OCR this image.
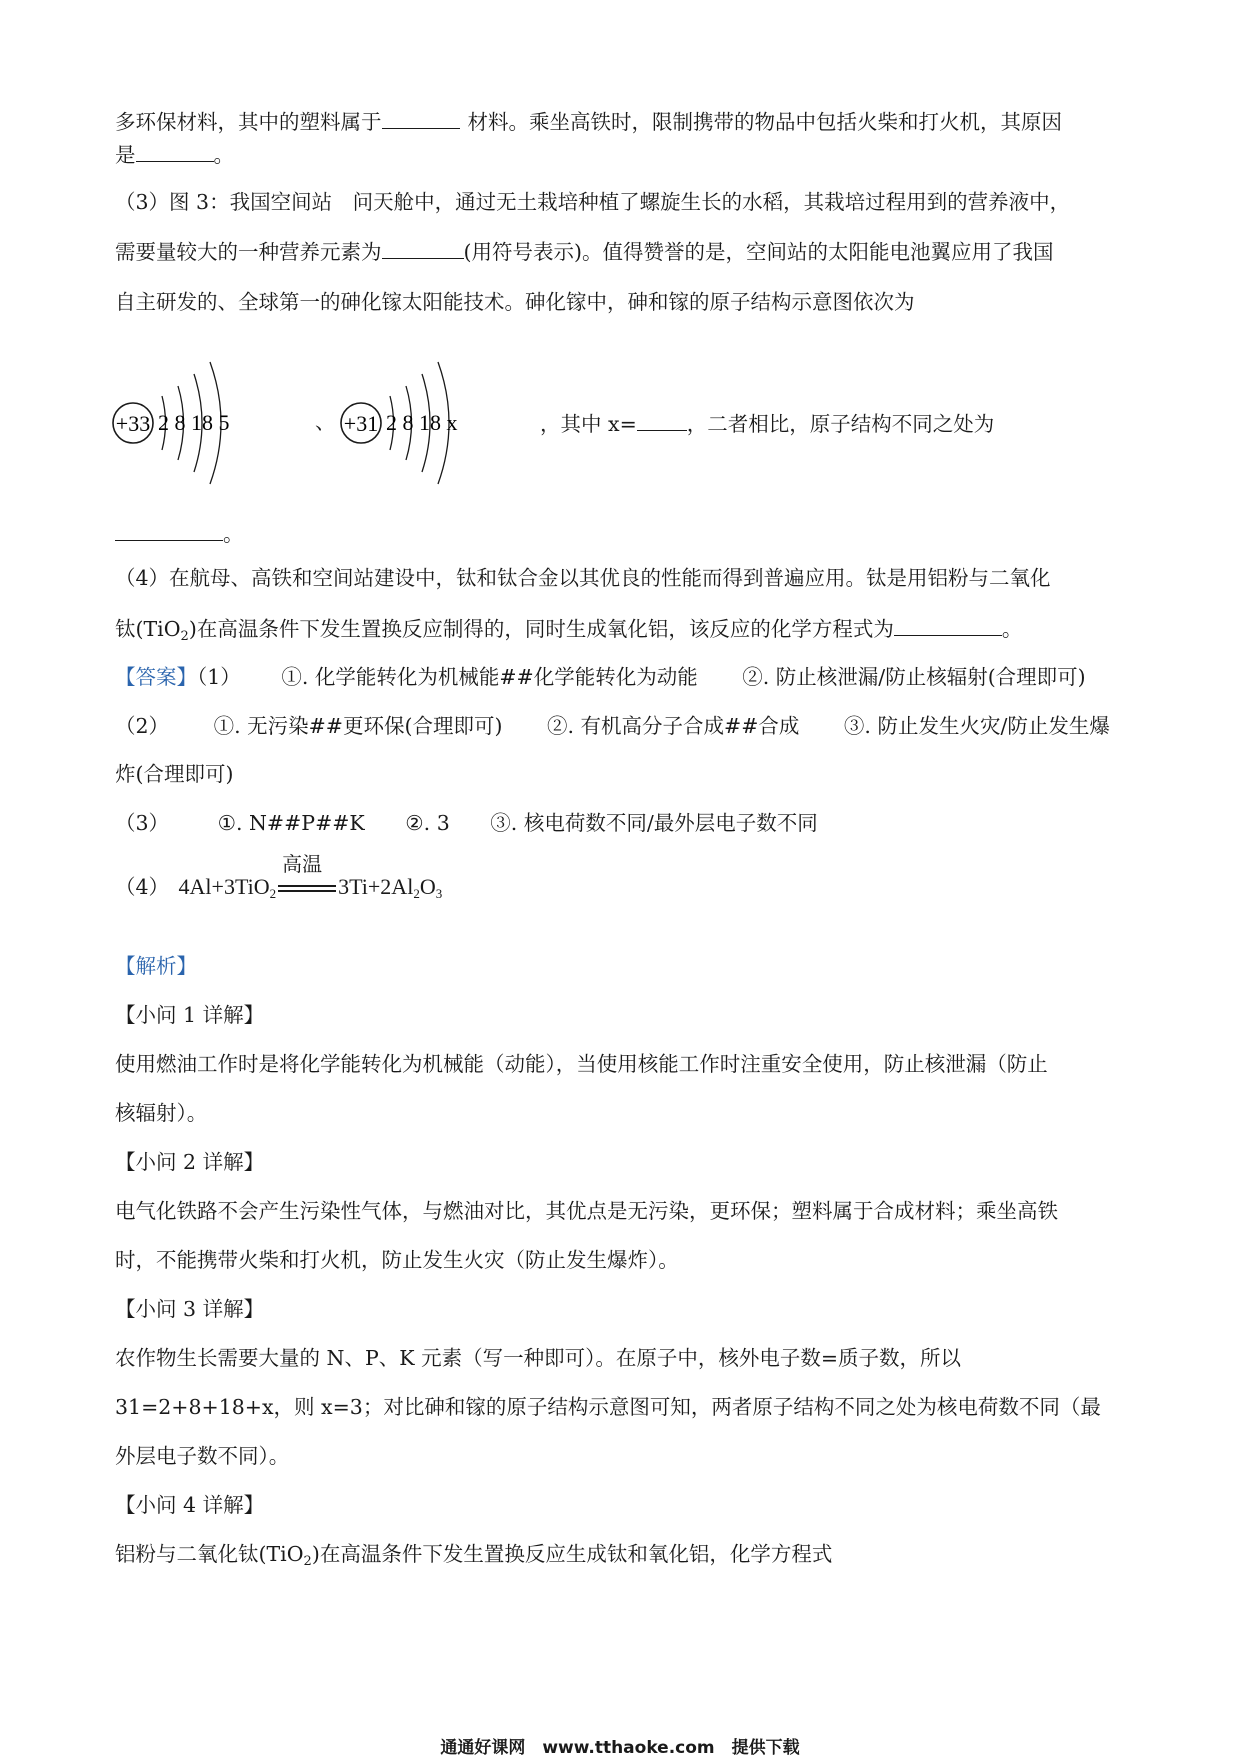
多环保材料，其中的塑料属于	材料。乘坐高铁时，限制携带的物品中包括火柴和打火机，其原因
是	。
（3）图 3：我国空间站　问天舱中，通过无土栽培种植了螺旋生长的水稻，其栽培过程用到的营养液中，
需要量较大的一种营养元素为	(用符号表示)。值得赞誉的是，空间站的太阳能电池翼应用了我国
自主研发的、全球第一的砷化镓太阳能技术。砷化镓中，砷和镓的原子结构示意图依次为
+33 2 8 18 5	、 +31 2 8 18 x	，其中 x= ，二者相比，原子结构不同之处为
。
（4）在航母、高铁和空间站建设中，钛和钛合金以其优良的性能而得到普遍应用。钛是用铝粉与二氧化
钛(TiO$_2$)在高温条件下发生置换反应制得的，同时生成氧化铝，该反应的化学方程式为	。
【答案】（1） ①. 化学能转化为机械能##化学能转化为动能 ②. 防止核泄漏/防止核辐射(合理即可)
（2） ①. 无污染##更环保(合理即可) ②. 有机高分子合成##合成 ③. 防止发生火灾/防止发生爆
炸(合理即可)
（3） ①. N##P##K ②. 3 ③. 核电荷数不同/最外层电子数不同
（4） 4Al+3TiO$_2$
高温
$3Ti+2Al_2O_3$
【解析】
【小问 1 详解】
使用燃油工作时是将化学能转化为机械能（动能），当使用核能工作时注重安全使用，防止核泄漏（防止
核辐射）。
【小问 2 详解】
电气化铁路不会产生污染性气体，与燃油对比，其优点是无污染，更环保；塑料属于合成材料；乘坐高铁
时，不能携带火柴和打火机，防止发生火灾（防止发生爆炸）。
【小问 3 详解】
农作物生长需要大量的 N、P、K 元素（写一种即可）。在原子中，核外电子数=质子数，所以
31=2+8+18+x，则 x=3；对比砷和镓的原子结构示意图可知，两者原子结构不同之处为核电荷数不同（最
外层电子数不同）。
【小问 4 详解】
铝粉与二氧化钛(TiO$_2$)在高温条件下发生置换反应生成钛和氧化铝，化学方程式
通通好课网　www.tthaoke.com　提供下载
